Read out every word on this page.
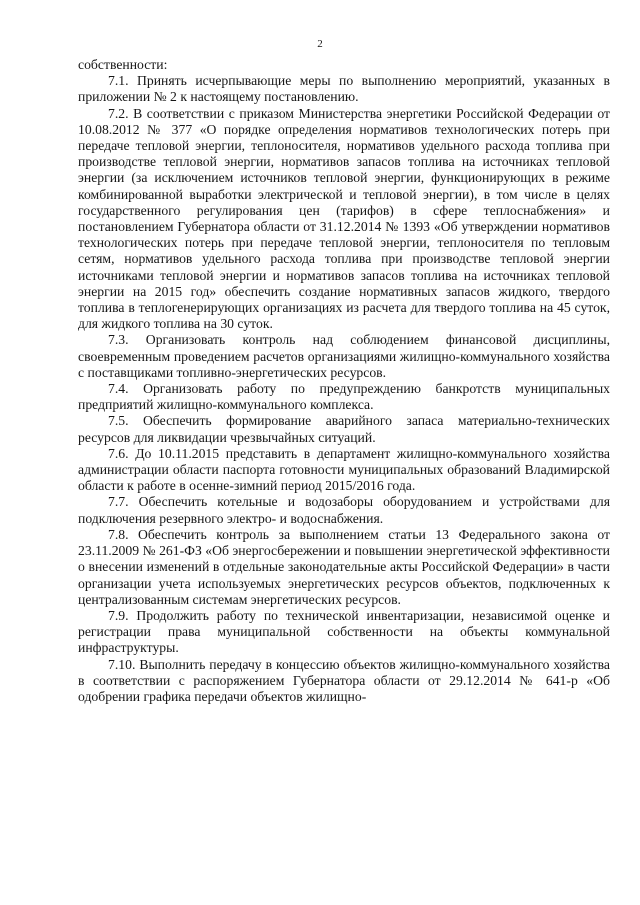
2

собственности:

7.1. Принять исчерпывающие меры по выполнению мероприятий, указанных в приложении № 2 к настоящему постановлению.

7.2. В соответствии с приказом Министерства энергетики Российской Федерации от 10.08.2012 № 377 «О порядке определения нормативов технологических потерь при передаче тепловой энергии, теплоносителя, нормативов удельного расхода топлива при производстве тепловой энергии, нормативов запасов топлива на источниках тепловой энергии (за исключением источников тепловой энергии, функционирующих в режиме комбинированной выработки электрической и тепловой энергии), в том числе в целях государственного регулирования цен (тарифов) в сфере теплоснабжения» и постановлением Губернатора области от 31.12.2014 № 1393 «Об утверждении нормативов технологических потерь при передаче тепловой энергии, теплоносителя по тепловым сетям, нормативов удельного расхода топлива при производстве тепловой энергии источниками тепловой энергии и нормативов запасов топлива на источниках тепловой энергии на 2015 год» обеспечить создание нормативных запасов жидкого, твердого топлива в теплогенерирующих организациях из расчета для твердого топлива на 45 суток, для жидкого топлива на 30 суток.

7.3. Организовать контроль над соблюдением финансовой дисциплины, своевременным проведением расчетов организациями жилищно-коммунального хозяйства с поставщиками топливно-энергетических ресурсов.

7.4. Организовать работу по предупреждению банкротств муниципальных предприятий жилищно-коммунального комплекса.

7.5. Обеспечить формирование аварийного запаса материально-технических ресурсов для ликвидации чрезвычайных ситуаций.

7.6. До 10.11.2015 представить в департамент жилищно-коммунального хозяйства администрации области паспорта готовности муниципальных образований Владимирской области к работе в осенне-зимний период 2015/2016 года.

7.7. Обеспечить котельные и водозаборы оборудованием и устройствами для подключения резервного электро- и водоснабжения.

7.8. Обеспечить контроль за выполнением статьи 13 Федерального закона от 23.11.2009 № 261-ФЗ «Об энергосбережении и повышении энергетической эффективности о внесении изменений в отдельные законодательные акты Российской Федерации» в части организации учета используемых энергетических ресурсов объектов, подключенных к централизованным системам энергетических ресурсов.

7.9. Продолжить работу по технической инвентаризации, независимой оценке и регистрации права муниципальной собственности на объекты коммунальной инфраструктуры.

7.10. Выполнить передачу в концессию объектов жилищно-коммунального хозяйства в соответствии с распоряжением Губернатора области от 29.12.2014 № 641-р «Об одобрении графика передачи объектов жилищно-
